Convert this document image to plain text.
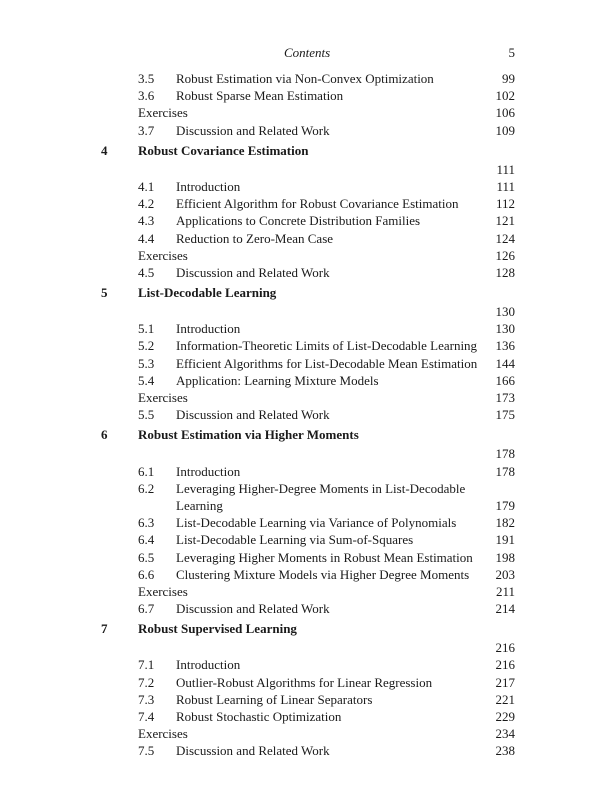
Contents	5
3.5 Robust Estimation via Non-Convex Optimization	99
3.6 Robust Sparse Mean Estimation	102
Exercises	106
3.7 Discussion and Related Work	109
4 Robust Covariance Estimation
111
4.1 Introduction	111
4.2 Efficient Algorithm for Robust Covariance Estimation	112
4.3 Applications to Concrete Distribution Families	121
4.4 Reduction to Zero-Mean Case	124
Exercises	126
4.5 Discussion and Related Work	128
5 List-Decodable Learning
130
5.1 Introduction	130
5.2 Information-Theoretic Limits of List-Decodable Learning 136
5.3 Efficient Algorithms for List-Decodable Mean Estimation 144
5.4 Application: Learning Mixture Models	166
Exercises	173
5.5 Discussion and Related Work	175
6 Robust Estimation via Higher Moments
178
6.1 Introduction	178
6.2 Leveraging Higher-Degree Moments in List-Decodable
Learning	179
6.3 List-Decodable Learning via Variance of Polynomials	182
6.4 List-Decodable Learning via Sum-of-Squares	191
6.5 Leveraging Higher Moments in Robust Mean Estimation 198
6.6 Clustering Mixture Models via Higher Degree Moments 203
Exercises	211
6.7 Discussion and Related Work	214
7 Robust Supervised Learning
216
7.1 Introduction	216
7.2 Outlier-Robust Algorithms for Linear Regression	217
7.3 Robust Learning of Linear Separators	221
7.4 Robust Stochastic Optimization	229
Exercises	234
7.5 Discussion and Related Work	238
